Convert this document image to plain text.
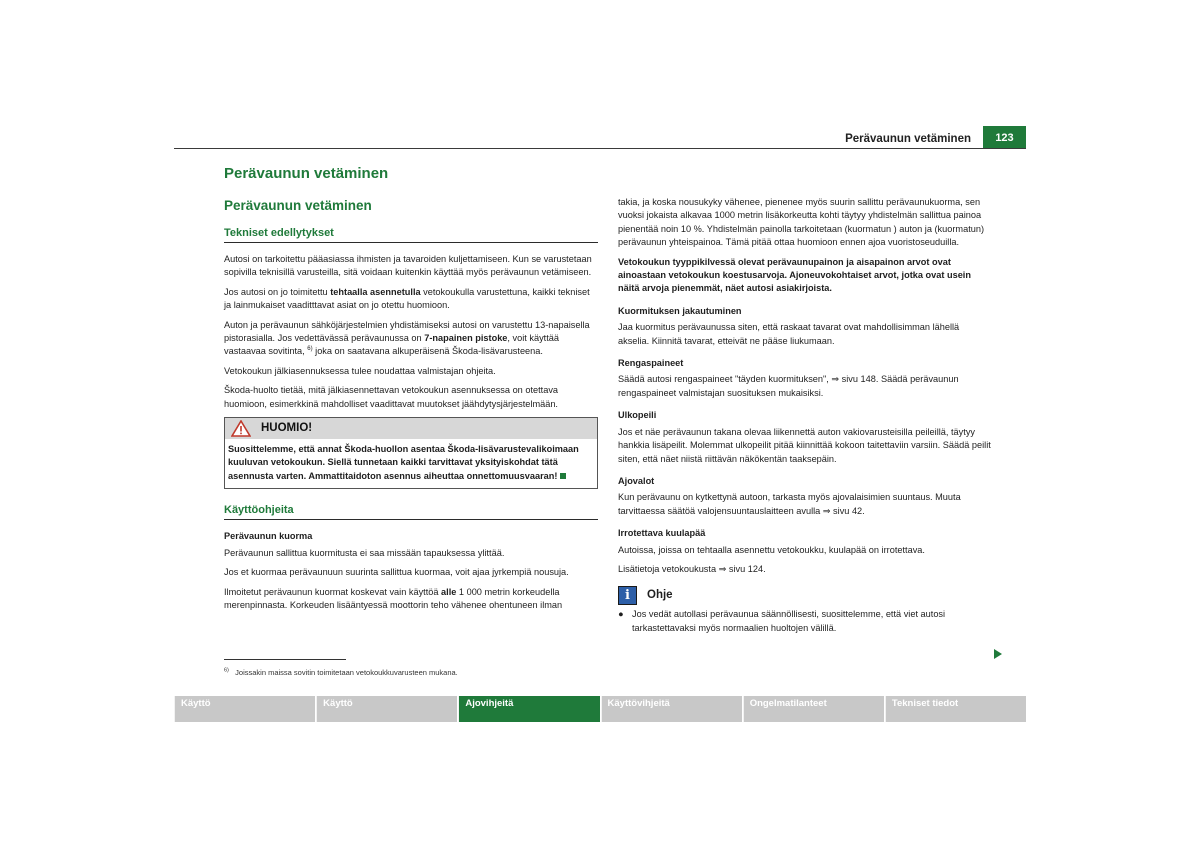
Perävaunun vetäminen	123
Perävaunun vetäminen
Perävaunun vetäminen
Tekniset edellytykset

Autosi on tarkoitettu pääasiassa ihmisten ja tavaroiden kuljettamiseen. Kun se varustetaan sopivilla teknisillä varusteilla, sitä voidaan kuitenkin käyttää myös perävaunun vetämiseen.

Jos autosi on jo toimitettu tehtaalla asennetulla vetokoukulla varustettuna, kaikki tekniset ja lainmukaiset vaaditttavat asiat on jo otettu huomioon.

Auton ja perävaunun sähköjärjestelmien yhdistämiseksi autosi on varustettu 13-napaisella pistorasialla. Jos vedettävässä perävaunussa on 7-napainen pistoke, voit käyttää vastaavaa sovitinta, $^{6)}$ joka on saatavana alkuperäisenä Škoda-lisävarusteena.

Vetokoukun jälkiasennuksessa tulee noudattaa valmistajan ohjeita.

Škoda-huolto tietää, mitä jälkiasennettavan vetokoukun asennuksessa on otettava huomioon, esimerkkinä mahdolliset vaadittavat muutokset jäähdytysjärjestelmään.

HUOMIO!
Suosittelemme, että annat Škoda-huollon asentaa Škoda-lisävarustevalikoimaan kuuluvan vetokoukun. Siellä tunnetaan kaikki tarvittavat yksityiskohdat tätä asennusta varten. Ammattitaidoton asennus aiheuttaa onnettomuusvaaran!
Käyttöohjeita
Perävaunun kuorma

Perävaunun sallittua kuormitusta ei saa missään tapauksessa ylittää.

Jos et kuormaa perävaunuun suurinta sallittua kuormaa, voit ajaa jyrkempiä nousuja.

Ilmoitetut perävaunun kuormat koskevat vain käyttöä alle 1 000 metrin korkeudella merenpinnasta. Korkeuden lisääntyessä moottorin teho vähenee ohentuneen ilman

takia, ja koska nousukyky vähenee, pienenee myös suurin sallittu perävaunukuorma, sen vuoksi jokaista alkavaa 1000 metrin lisäkorkeutta kohti täytyy yhdistelmän sallittua painoa pienentää noin 10 %. Yhdistelmän painolla tarkoitetaan (kuormatun ) auton ja (kuormatun) perävaunun yhteispainoa. Tämä pitää ottaa huomioon ennen ajoa vuoristoseuduilla.

Vetokoukun tyyppikilvessä olevat perävaunupainon ja aisapainon arvot ovat ainoastaan vetokoukun koestusarvoja. Ajoneuvokohtaiset arvot, jotka ovat usein näitä arvoja pienemmät, näet autosi asiakirjoista.

Kuormituksen jakautuminen

Jaa kuormitus perävaunussa siten, että raskaat tavarat ovat mahdollisimman lähellä akselia. Kiinnitä tavarat, etteivät ne pääse liukumaan.

Rengaspaineet

Säädä autosi rengaspaineet "täyden kuormituksen", ⇒ sivu 148. Säädä perävaunun rengaspaineet valmistajan suosituksen mukaisiksi.

Ulkopeili

Jos et näe perävaunun takana olevaa liikennettä auton vakiovarusteisilla peileillä, täytyy hankkia lisäpeilit. Molemmat ulkopeilit pitää kiinnittää kokoon taitettaviin varsiin. Säädä peilit siten, että näet niistä riittävän näkökentän taaksepäin.

Ajovalot

Kun perävaunu on kytkettynä autoon, tarkasta myös ajovalaisimien suuntaus. Muuta tarvittaessa säätöä valojensuuntauslaitteen avulla ⇒ sivu 42.

Irrotettava kuulapää

Autoissa, joissa on tehtaalla asennettu vetokoukku, kuulapää on irrotettava.

Lisätietoja vetokoukusta ⇒ sivu 124.

i	Ohje
● Jos vedät autollasi perävaunua säännöllisesti, suosittelemme, että viet autosi tarkastettavaksi myös normaalien huoltojen välillä.
$^{6)}$ Joissakin maissa sovitin toimitetaan vetokoukkuvarusteen mukana.
Käyttö	Käyttö	Ajovihjeitä	Käyttövihjeitä	Ongelmatilanteet	Tekniset tiedot
